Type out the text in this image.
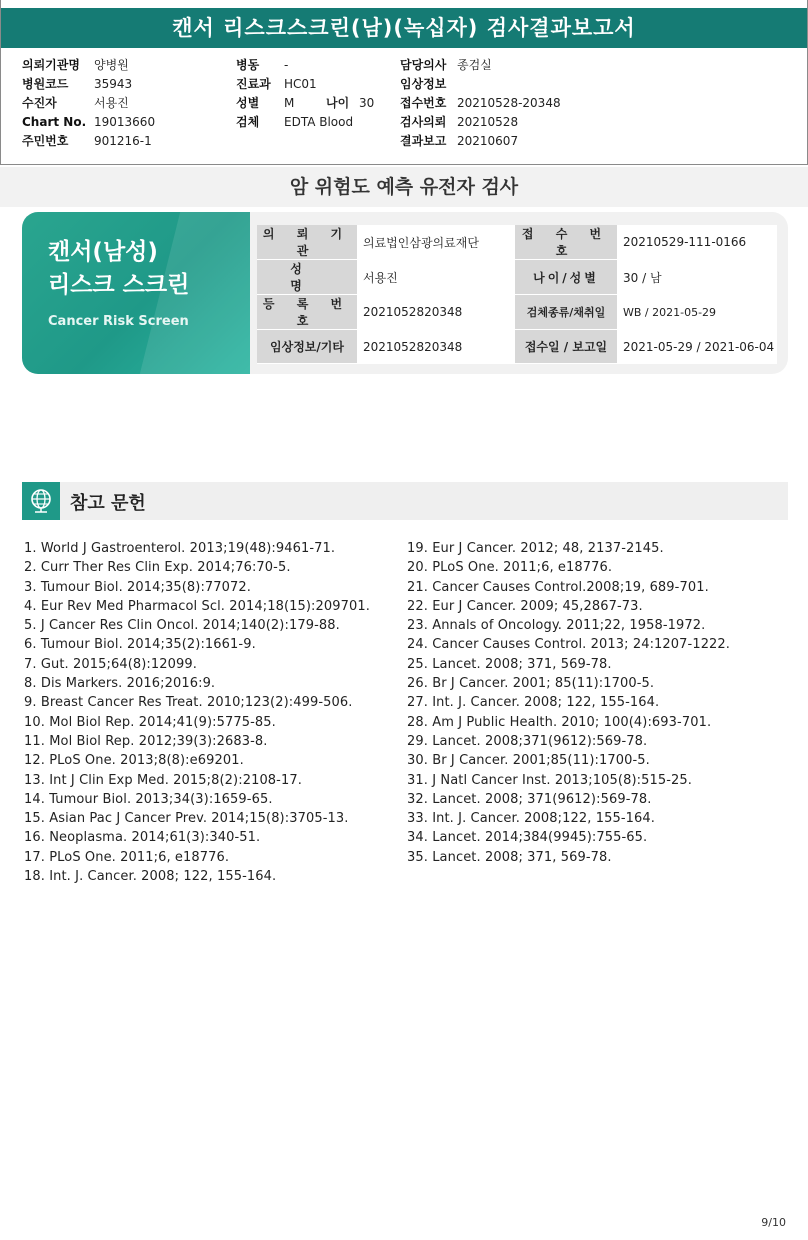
캔서 리스크스크린(남)(녹십자) 검사결과보고서
의뢰기관명 양병원
병원코드 35943
수진자	서용진
Chart No. 19013660
주민번호 901216-1
병동 -
진료과 HC01
성별 M	나이 30
검체 EDTA Blood
담당의사 종검실
임상정보
접수번호 20210528-20348
검사의뢰 20210528
결과보고 20210607
암 위험도 예측 유전자 검사
캔서(남성)
리스크 스크린
Cancer Risk Screen
의 뢰 기 관	의료법인삼광의료재단	접 수 번 호	20210529-111-0166
성 명	서용진	나이/성별	30 / 남
등 록 번 호	2021052820348	검체종류/채취일	WB / 2021-05-29
임상정보/기타	2021052820348	접수일 / 보고일	2021-05-29 / 2021-06-04
참고 문헌
1. World J Gastroenterol. 2013;19(48):9461-71.
2. Curr Ther Res Clin Exp. 2014;76:70-5.
3. Tumour Biol. 2014;35(8):77072.
4. Eur Rev Med Pharmacol Scl. 2014;18(15):209701.
5. J Cancer Res Clin Oncol. 2014;140(2):179-88.
6. Tumour Biol. 2014;35(2):1661-9.
7. Gut. 2015;64(8):12099.
8. Dis Markers. 2016;2016:9.
9. Breast Cancer Res Treat. 2010;123(2):499-506.
10. Mol Biol Rep. 2014;41(9):5775-85.
11. Mol Biol Rep. 2012;39(3):2683-8.
12. PLoS One. 2013;8(8):e69201.
13. Int J Clin Exp Med. 2015;8(2):2108-17.
14. Tumour Biol. 2013;34(3):1659-65.
15. Asian Pac J Cancer Prev. 2014;15(8):3705-13.
16. Neoplasma. 2014;61(3):340-51.
17. PLoS One. 2011;6, e18776.
18. Int. J. Cancer. 2008; 122, 155-164.
19. Eur J Cancer. 2012; 48, 2137-2145.
20. PLoS One. 2011;6, e18776.
21. Cancer Causes Control.2008;19, 689-701.
22. Eur J Cancer. 2009; 45,2867-73.
23. Annals of Oncology. 2011;22, 1958-1972.
24. Cancer Causes Control. 2013; 24:1207-1222.
25. Lancet. 2008; 371, 569-78.
26. Br J Cancer. 2001; 85(11):1700-5.
27. Int. J. Cancer. 2008; 122, 155-164.
28. Am J Public Health. 2010; 100(4):693-701.
29. Lancet. 2008;371(9612):569-78.
30. Br J Cancer. 2001;85(11):1700-5.
31. J Natl Cancer Inst. 2013;105(8):515-25.
32. Lancet. 2008; 371(9612):569-78.
33. Int. J. Cancer. 2008;122, 155-164.
34. Lancet. 2014;384(9945):755-65.
35. Lancet. 2008; 371, 569-78.
9/10
